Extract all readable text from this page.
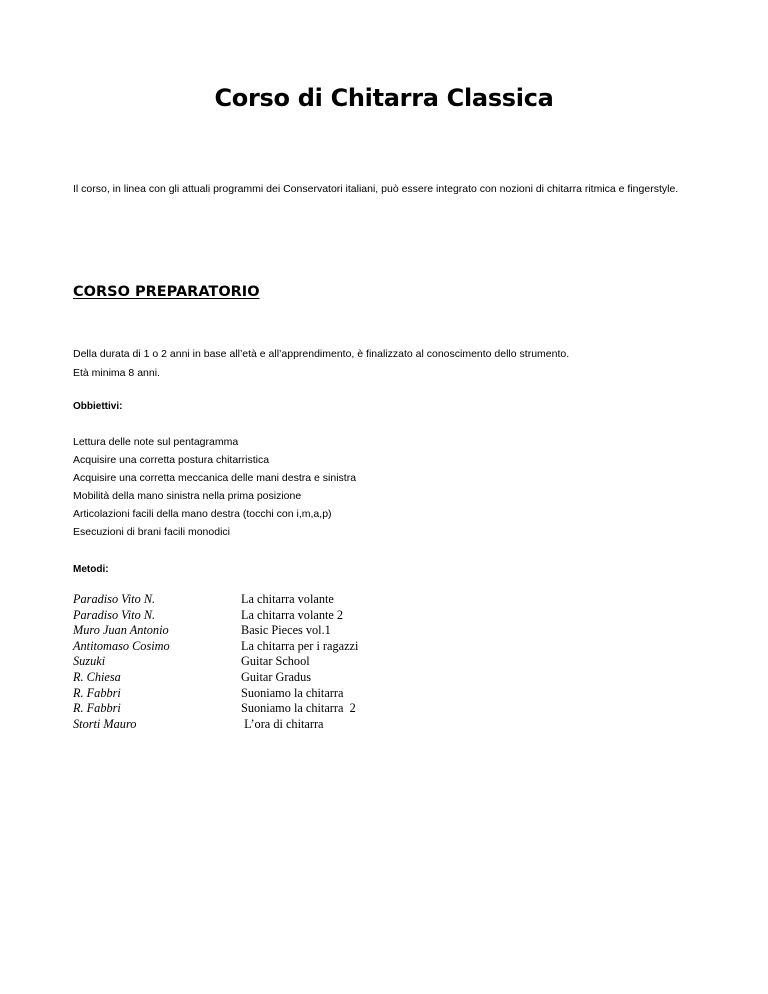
Corso di Chitarra Classica
Il corso, in linea con gli attuali programmi dei Conservatori italiani, può essere integrato con nozioni di chitarra ritmica e fingerstyle.
CORSO PREPARATORIO

Della durata di 1 o 2 anni in base all’età e all’apprendimento, è finalizzato al conoscimento dello strumento.

Età minima 8 anni.

Obbiettivi:
Lettura delle note sul pentagramma
Acquisire una corretta postura chitarristica
Acquisire una corretta meccanica delle mani destra e sinistra
Mobilità della mano sinistra nella prima posizione
Articolazioni facili della mano destra (tocchi con i,m,a,p)
Esecuzioni di brani facili monodici
Metodi:
Paradiso Vito N.	La chitarra volante
Paradiso Vito N.	La chitarra volante 2
Muro Juan Antonio	Basic Pieces vol.1
Antitomaso Cosimo	La chitarra per i ragazzi
Suzuki	Guitar School
R. Chiesa	Guitar Gradus
R. Fabbri	Suoniamo la chitarra
R. Fabbri	Suoniamo la chitarra  2
Storti Mauro	L’ora di chitarra
